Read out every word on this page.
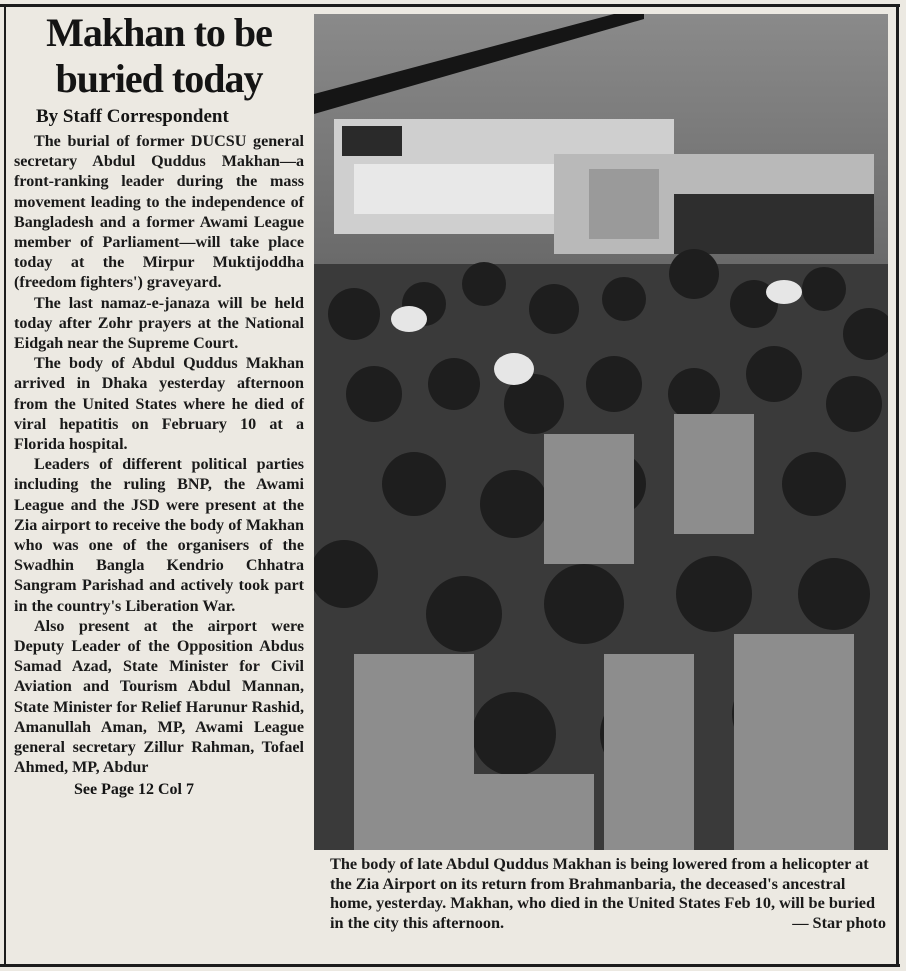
Makhan to be buried today
By Staff Correspondent

The burial of former DUCSU general secretary Abdul Quddus Makhan—a front-ranking leader during the mass movement leading to the independence of Bangladesh and a former Awami League member of Parliament—will take place today at the Mirpur Muktijoddha (freedom fighters') graveyard.

The last namaz-e-janaza will be held today after Zohr prayers at the National Eidgah near the Supreme Court.

The body of Abdul Quddus Makhan arrived in Dhaka yesterday afternoon from the United States where he died of viral hepatitis on February 10 at a Florida hospital.

Leaders of different political parties including the ruling BNP, the Awami League and the JSD were present at the Zia airport to receive the body of Makhan who was one of the organisers of the Swadhin Bangla Kendrio Chhatra Sangram Parishad and actively took part in the country's Liberation War.

Also present at the airport were Deputy Leader of the Opposition Abdus Samad Azad, State Minister for Civil Aviation and Tourism Abdul Mannan, State Minister for Relief Harunur Rashid, Amanullah Aman, MP, Awami League general secretary Zillur Rahman, Tofael Ahmed, MP, Abdur

See Page 12 Col 7
The body of late Abdul Quddus Makhan is being lowered from a helicopter at the Zia Airport on its return from Brahmanbaria, the deceased's ancestral home, yesterday. Makhan, who died in the United States Feb 10, will be buried in the city this afternoon.	— Star photo
